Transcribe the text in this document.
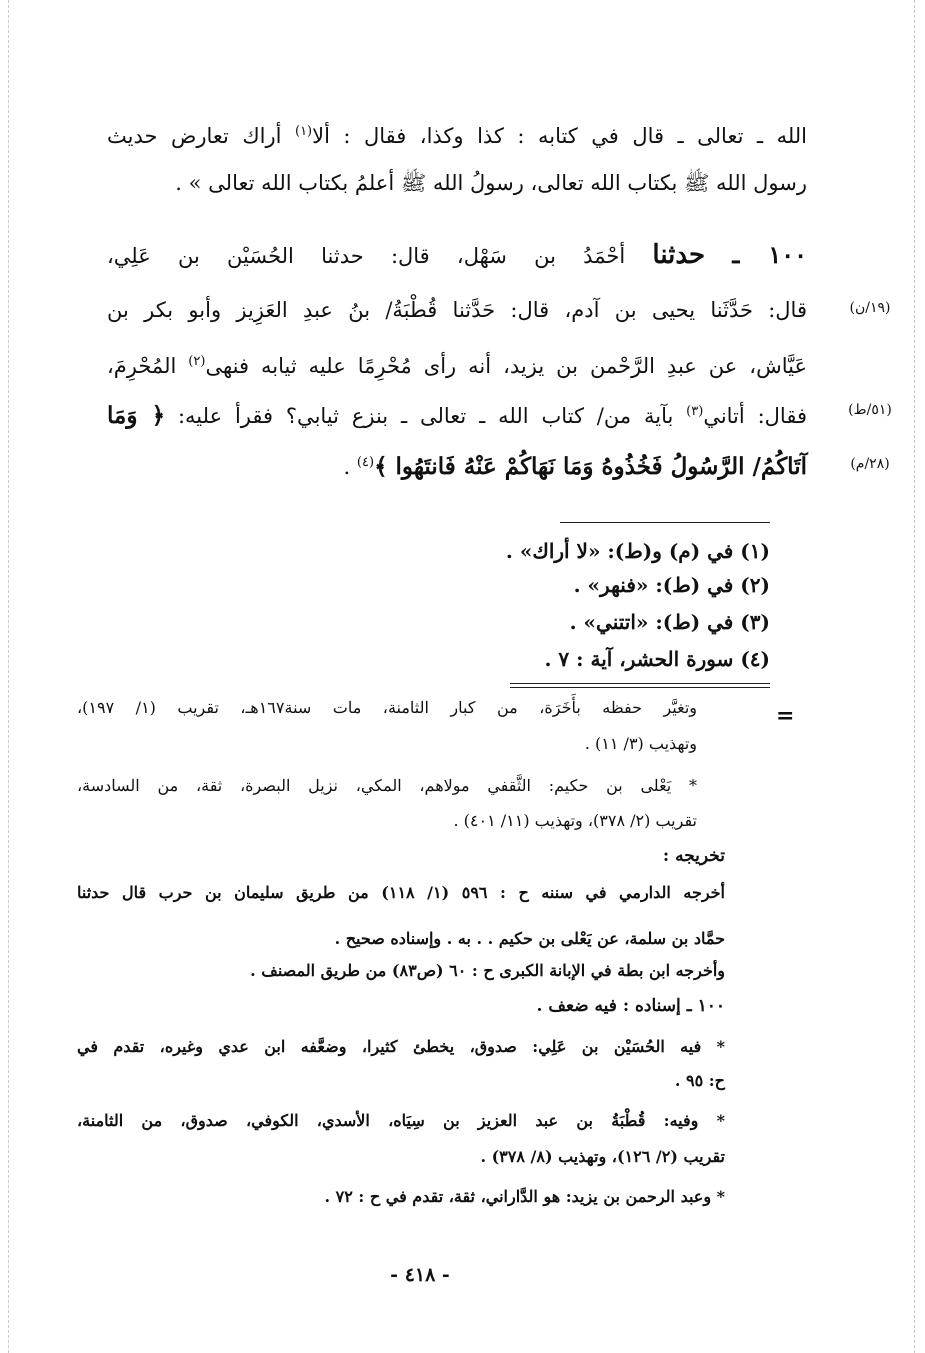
الله ـ تعالى ـ قال في كتابه : كذا وكذا، فقال : ألا$^{(١)}$ أراك تعارض حديث
رسول الله ﷺ بكتاب الله تعالى، رسولُ الله ﷺ أعلمُ بكتاب الله تعالى » .
١٠٠ ـ حدثنا أحْمَدُ بن سَهْل، قال: حدثنا الحُسَيْن بن عَلِي،
قال: حَدَّثَنا يحيى بن آدم، قال: حَدَّثنا قُطْبَةُ/ بنُ عبدِ العَزِيز وأبو بكر بن
عَيَّاش، عن عبدِ الرَّحْمن بن يزيد، أنه رأى مُحْرِمًا عليه ثيابه فنهى$^{(٢)}$ المُحْرِمَ،
فقال: أتاني$^{(٣)}$ بآية من/ كتاب الله ـ تعالى ـ بنزع ثيابي؟ فقرأ عليه: ﴿ وَمَا
آتَاكُمُ/ الرَّسُولُ فَخُذُوهُ وَمَا نَهَاكُمْ عَنْهُ فَانتَهُوا ﴾$^{(٤)}$ .
(١٩/ن)
(٥١/ط)
(٢٨/م)
(١) في (م) و(ط): «لا أراك» .
(٢) في (ط): «فنهر» .
(٣) في (ط): «اتتني» .
(٤) سورة الحشر، آية : ٧ .
=
وتغيَّر حفظه بأَخَرَة، من كبار الثامنة، مات سنة١٦٧هـ، تقريب (١/ ١٩٧)،
وتهذيب (٣/ ١١) .
* يَعْلى بن حكيم: الثَّقفي مولاهم، المكي، نزيل البصرة، ثقة، من السادسة،
تقريب (٢/ ٣٧٨)، وتهذيب (١١/ ٤٠١) .
تخريجه :
أخرجه الدارمي في سننه ح : ٥٩٦ (١/ ١١٨) من طريق سليمان بن حرب قال حدثنا
حمَّاد بن سلمة، عن يَعْلى بن حكيم . . به . وإسناده صحيح .
وأخرجه ابن بطة في الإبانة الكبرى ح : ٦٠ (ص٨٣) من طريق المصنف .
١٠٠ ـ إسناده : فيه ضعف .
* فيه الحُسَيْن بن عَلِي: صدوق، يخطئ كثيرا، وضعَّفه ابن عدي وغيره، تقدم في
ح: ٩٥ .
* وفيه: قُطْبَةُ بن عبد العزيز بن سِيَاه، الأسدي، الكوفي، صدوق، من الثامنة،
تقريب (٢/ ١٢٦)، وتهذيب (٨/ ٣٧٨) .
* وعبد الرحمن بن يزيد: هو الدَّاراني، ثقة، تقدم في ح : ٧٢ .
- ٤١٨ -
